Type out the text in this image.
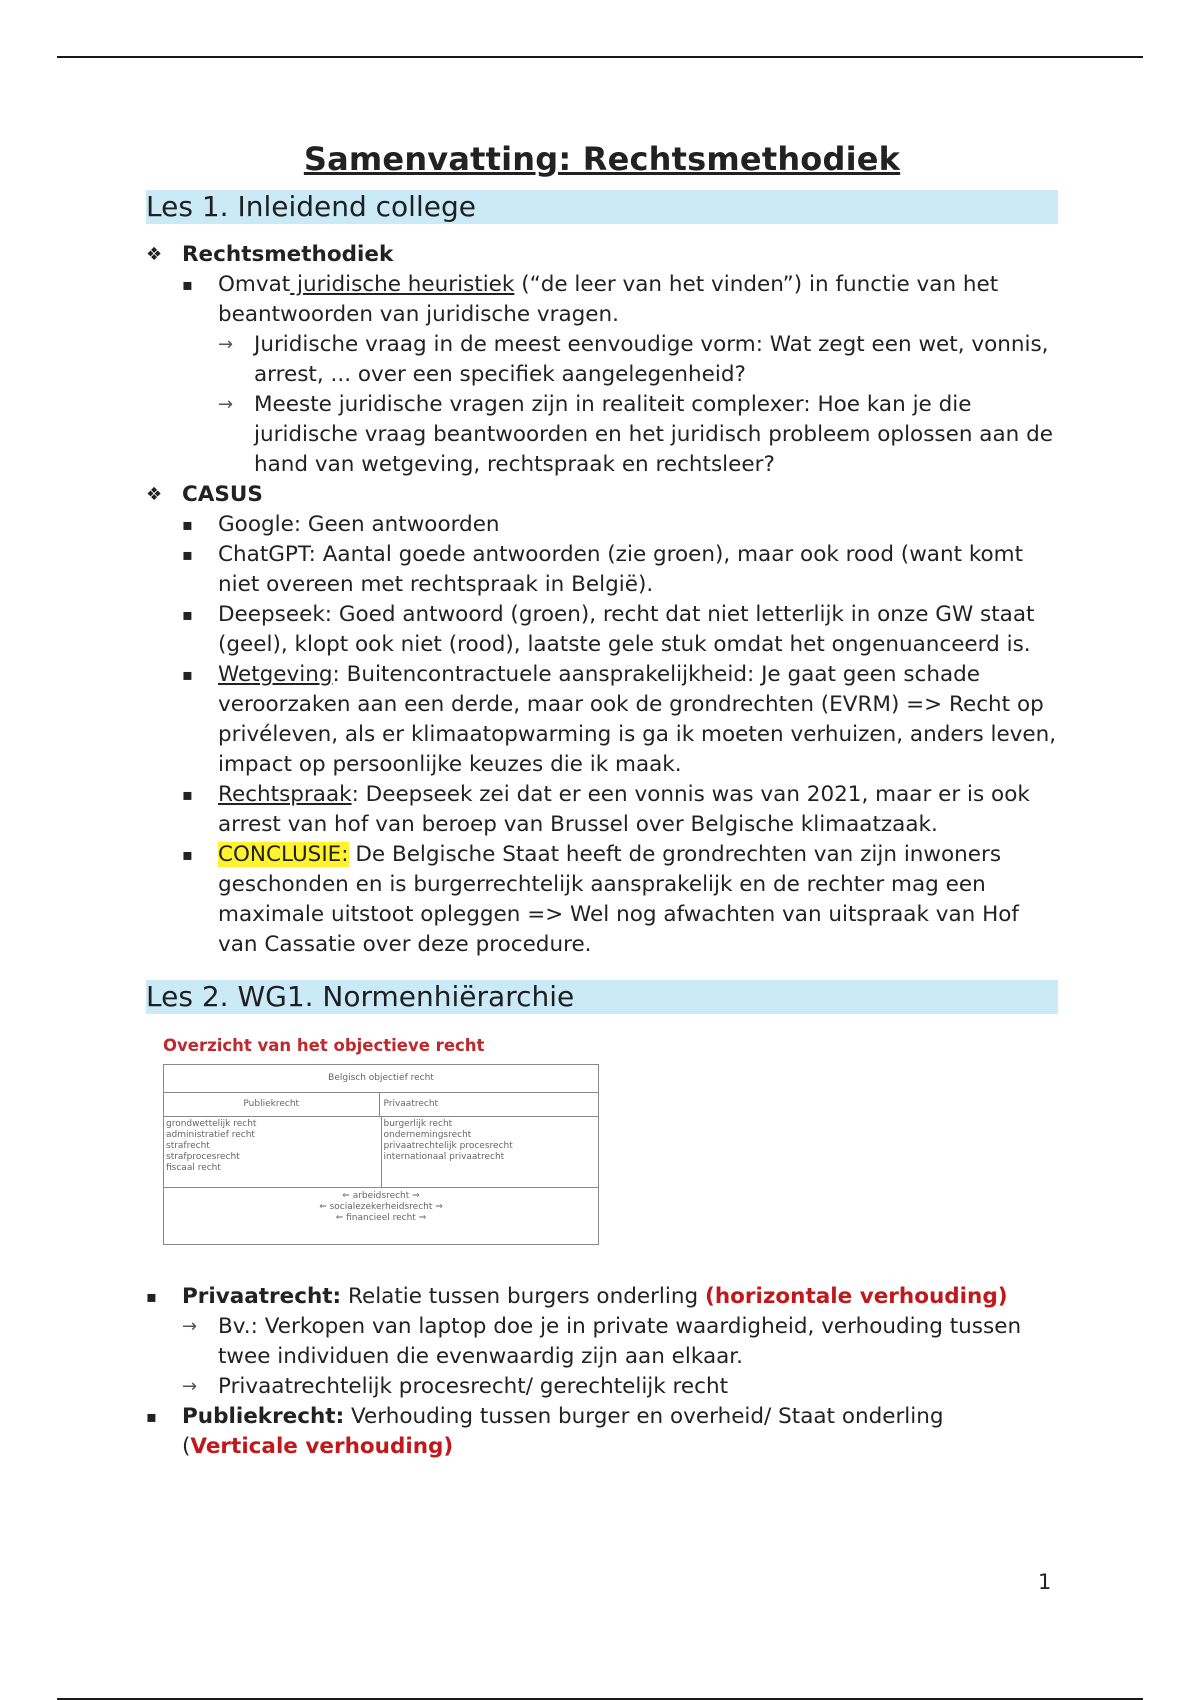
Samenvatting: Rechtsmethodiek
Les 1. Inleidend college
❖ Rechtsmethodiek
▪ Omvat juridische heuristiek (“de leer van het vinden”) in functie van het beantwoorden van juridische vragen.
→ Juridische vraag in de meest eenvoudige vorm: Wat zegt een wet, vonnis, arrest, ... over een specifiek aangelegenheid?
→ Meeste juridische vragen zijn in realiteit complexer: Hoe kan je die juridische vraag beantwoorden en het juridisch probleem oplossen aan de hand van wetgeving, rechtspraak en rechtsleer?
❖ CASUS
▪ Google: Geen antwoorden
▪ ChatGPT: Aantal goede antwoorden (zie groen), maar ook rood (want komt niet overeen met rechtspraak in België).
▪ Deepseek: Goed antwoord (groen), recht dat niet letterlijk in onze GW staat (geel), klopt ook niet (rood), laatste gele stuk omdat het ongenuanceerd is.
▪ Wetgeving: Buitencontractuele aansprakelijkheid: Je gaat geen schade veroorzaken aan een derde, maar ook de grondrechten (EVRM) => Recht op privéleven, als er klimaatopwarming is ga ik moeten verhuizen, anders leven, impact op persoonlijke keuzes die ik maak.
▪ Rechtspraak: Deepseek zei dat er een vonnis was van 2021, maar er is ook arrest van hof van beroep van Brussel over Belgische klimaatzaak.
▪ CONCLUSIE: De Belgische Staat heeft de grondrechten van zijn inwoners geschonden en is burgerrechtelijk aansprakelijk en de rechter mag een maximale uitstoot opleggen => Wel nog afwachten van uitspraak van Hof van Cassatie over deze procedure.
Les 2. WG1. Normenhiërarchie
Overzicht van het objectieve recht
Belgisch objectief recht
Publiekrecht	Privaatrecht
grondwettelijk recht
administratief recht
strafrecht
strafprocesrecht
fiscaal recht
burgerlijk recht
ondernemingsrecht
privaatrechtelijk procesrecht
internationaal privaatrecht
⇐ arbeidsrecht ⇒
⇐ socialezekerheidsrecht ⇒
⇐ financieel recht ⇒
▪ Privaatrecht: Relatie tussen burgers onderling (horizontale verhouding)
→ Bv.: Verkopen van laptop doe je in private waardigheid, verhouding tussen twee individuen die evenwaardig zijn aan elkaar.
→ Privaatrechtelijk procesrecht/ gerechtelijk recht
▪ Publiekrecht: Verhouding tussen burger en overheid/ Staat onderling (Verticale verhouding)
1
